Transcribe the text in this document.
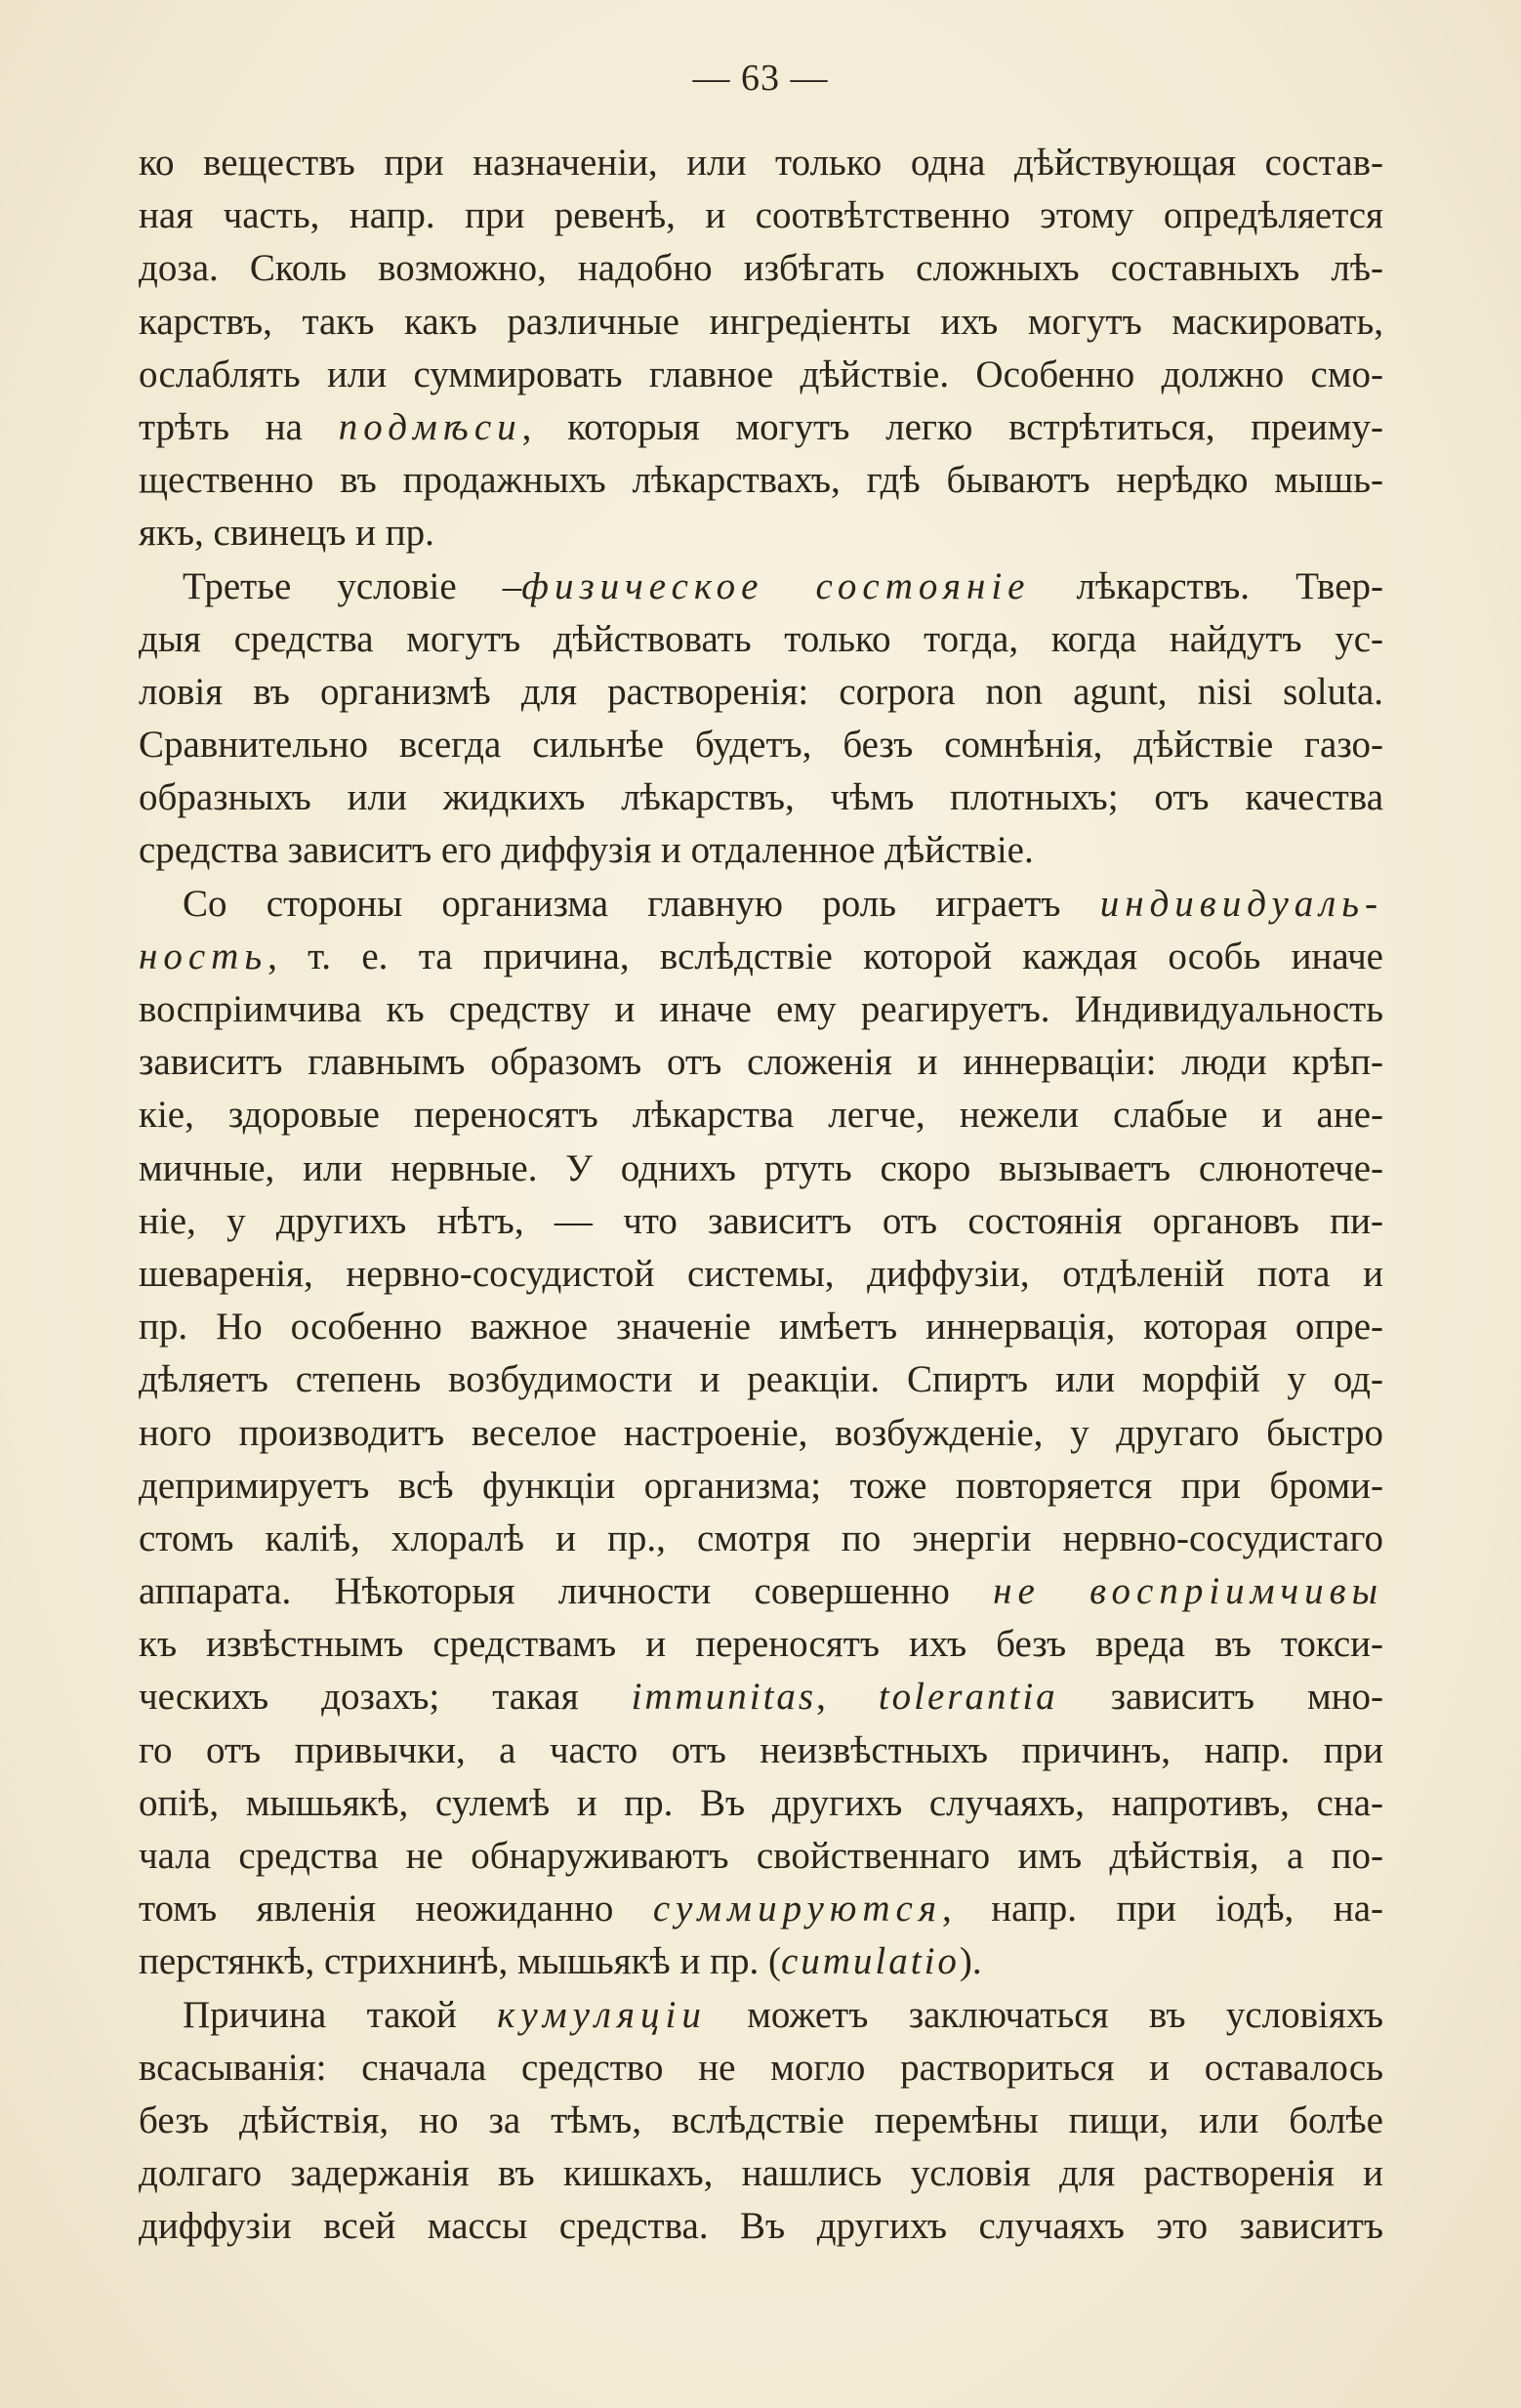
— 63 —
ко веществъ при назначеніи, или только одна дѣйствующая состав-
ная часть, напр. при ревенѣ, и соотвѣтственно этому опредѣляется
доза. Сколь возможно, надобно избѣгать сложныхъ составныхъ лѣ-
карствъ, такъ какъ различные ингредіенты ихъ могутъ маскировать,
ослаблять или суммировать главное дѣйствіе. Особенно должно смо-
трѣть на подмѣси, которыя могутъ легко встрѣтиться, преиму-
щественно въ продажныхъ лѣкарствахъ, гдѣ бываютъ нерѣдко мышь-
якъ, свинецъ и пр.
Третье условіе –физическое состоянiе лѣкарствъ. Твер-
дыя средства могутъ дѣйствовать только тогда, когда найдутъ ус-
ловія въ организмѣ для растворенія: corpora non agunt, nisi soluta.
Сравнительно всегда сильнѣе будетъ, безъ сомнѣнія, дѣйствіе газо-
образныхъ или жидкихъ лѣкарствъ, чѣмъ плотныхъ; отъ качества
средства зависитъ его диффузія и отдаленное дѣйствіе.
Со стороны организма главную роль играетъ индивидуаль-
ность, т. е. та причина, вслѣдствіе которой каждая особь иначе
воспріимчива къ средству и иначе ему реагируетъ. Индивидуальность
зависитъ главнымъ образомъ отъ сложенія и иннерваціи: люди крѣп-
кіе, здоровые переносятъ лѣкарства легче, нежели слабые и ане-
мичные, или нервные. У однихъ ртуть скоро вызываетъ слюнотече-
ніе, у другихъ нѣтъ, — что зависитъ отъ состоянія органовъ пи-
шеваренія, нервно-сосудистой системы, диффузіи, отдѣленій пота и
пр. Но особенно важное значеніе имѣетъ иннервація, которая опре-
дѣляетъ степень возбудимости и реакціи. Спиртъ или морфій у од-
ного производитъ веселое настроеніе, возбужденіе, у другаго быстро
депримируетъ всѣ функціи организма; тоже повторяется при броми-
стомъ калiѣ, хлоралѣ и пр., смотря по энергіи нервно-сосудистаго
аппарата. Нѣкоторыя личности совершенно не воспріимчивы
къ извѣстнымъ средствамъ и переносятъ ихъ безъ вреда въ токси-
ческихъ дозахъ; такая immunitas, tolerantia зависитъ мно-
го отъ привычки, а часто отъ неизвѣстныхъ причинъ, напр. при
опіѣ, мышьякѣ, сулемѣ и пр. Въ другихъ случаяхъ, напротивъ, сна-
чала средства не обнаруживаютъ свойственнаго имъ дѣйствія, а по-
томъ явленія неожиданно суммируются, напр. при іодѣ, на-
перстянкѣ, стрихнинѣ, мышьякѣ и пр. (cumulatio).
Причина такой кумуляціи можетъ заключаться въ условіяхъ
всасыванія: сначала средство не могло раствориться и оставалось
безъ дѣйствія, но за тѣмъ, вслѣдствіе перемѣны пищи, или болѣе
долгаго задержанія въ кишкахъ, нашлись условія для растворенія и
диффузіи всей массы средства. Въ другихъ случаяхъ это зависитъ
